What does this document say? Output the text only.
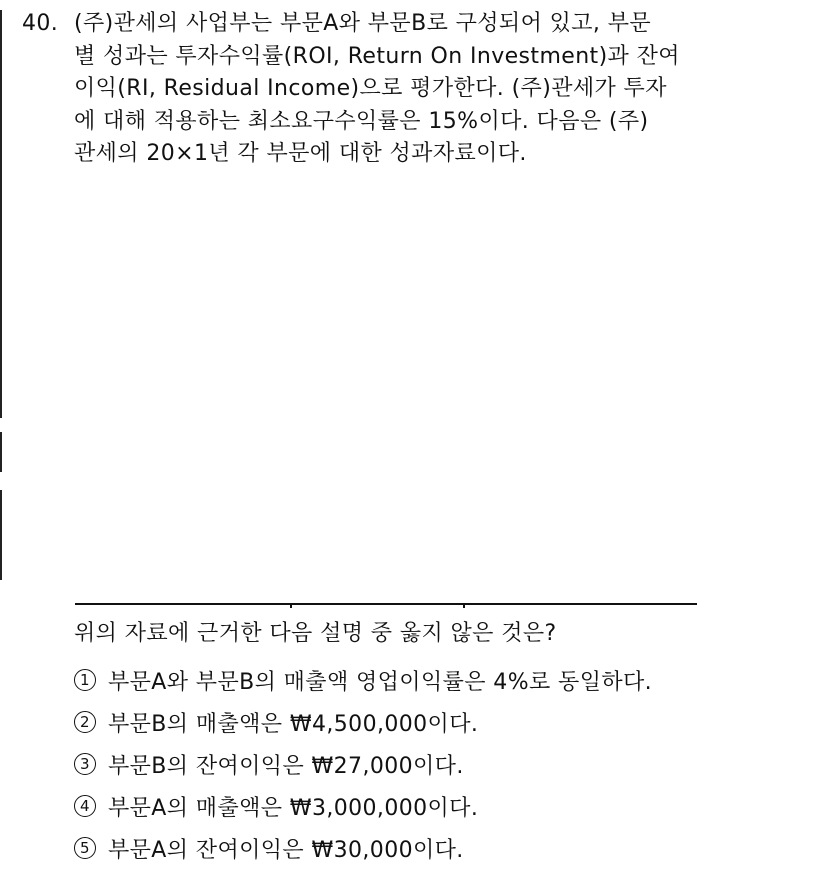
40. (주)관세의 사업부는 부문A와 부문B로 구성되어 있고, 부문
별 성과는 투자수익률(ROI, Return On Investment)과 잔여
이익(RI, Residual Income)으로 평가한다. (주)관세가 투자
에 대해 적용하는 최소요구수익률은 15%이다. 다음은 (주)
관세의 20×1년 각 부문에 대한 성과자료이다.
위의 자료에 근거한 다음 설명 중 옳지 않은 것은?
1 부문A와 부문B의 매출액 영업이익률은 4%로 동일하다.
2 부문B의 매출액은 ₩4,500,000이다.
3 부문B의 잔여이익은 ₩27,000이다.
4 부문A의 매출액은 ₩3,000,000이다.
5 부문A의 잔여이익은 ₩30,000이다.
